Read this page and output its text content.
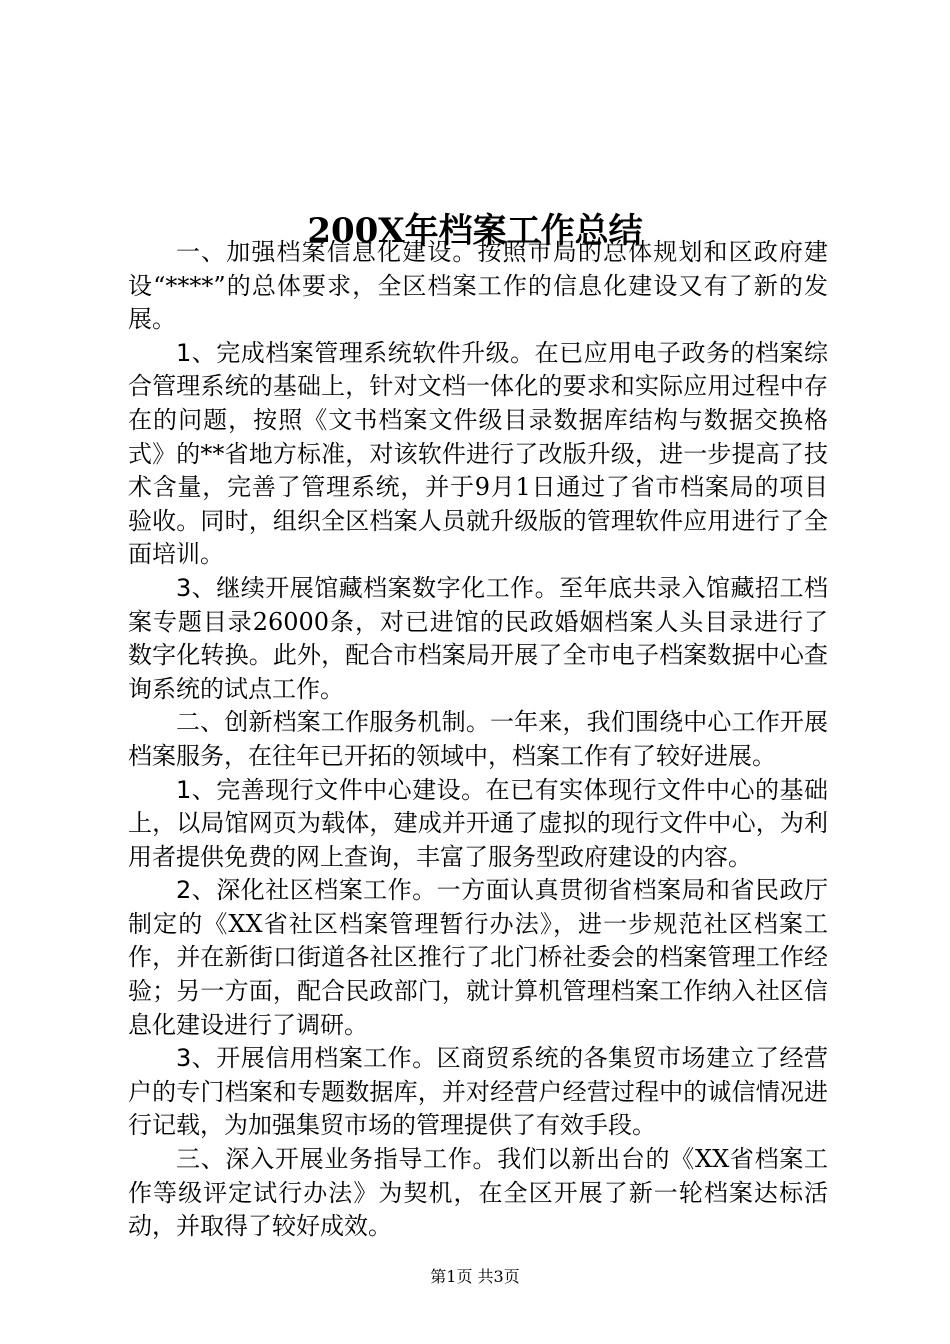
200X年档案工作总结

一、加强档案信息化建设。按照市局的总体规划和区政府建设“****”的总体要求，全区档案工作的信息化建设又有了新的发展。

1、完成档案管理系统软件升级。在已应用电子政务的档案综合管理系统的基础上，针对文档一体化的要求和实际应用过程中存在的问题，按照《文书档案文件级目录数据库结构与数据交换格式》的**省地方标准，对该软件进行了改版升级，进一步提高了技术含量，完善了管理系统，并于9月1日通过了省市档案局的项目验收。同时，组织全区档案人员就升级版的管理软件应用进行了全面培训。

3、继续开展馆藏档案数字化工作。至年底共录入馆藏招工档案专题目录26000条，对已进馆的民政婚姻档案人头目录进行了数字化转换。此外，配合市档案局开展了全市电子档案数据中心查询系统的试点工作。

二、创新档案工作服务机制。一年来，我们围绕中心工作开展档案服务，在往年已开拓的领域中，档案工作有了较好进展。

1、完善现行文件中心建设。在已有实体现行文件中心的基础上，以局馆网页为载体，建成并开通了虚拟的现行文件中心，为利用者提供免费的网上查询，丰富了服务型政府建设的内容。

2、深化社区档案工作。一方面认真贯彻省档案局和省民政厅制定的《XX省社区档案管理暂行办法》，进一步规范社区档案工作，并在新街口街道各社区推行了北门桥社委会的档案管理工作经验；另一方面，配合民政部门，就计算机管理档案工作纳入社区信息化建设进行了调研。

3、开展信用档案工作。区商贸系统的各集贸市场建立了经营户的专门档案和专题数据库，并对经营户经营过程中的诚信情况进行记载，为加强集贸市场的管理提供了有效手段。

三、深入开展业务指导工作。我们以新出台的《XX省档案工作等级评定试行办法》为契机，在全区开展了新一轮档案达标活动，并取得了较好成效。

第1页 共3页
